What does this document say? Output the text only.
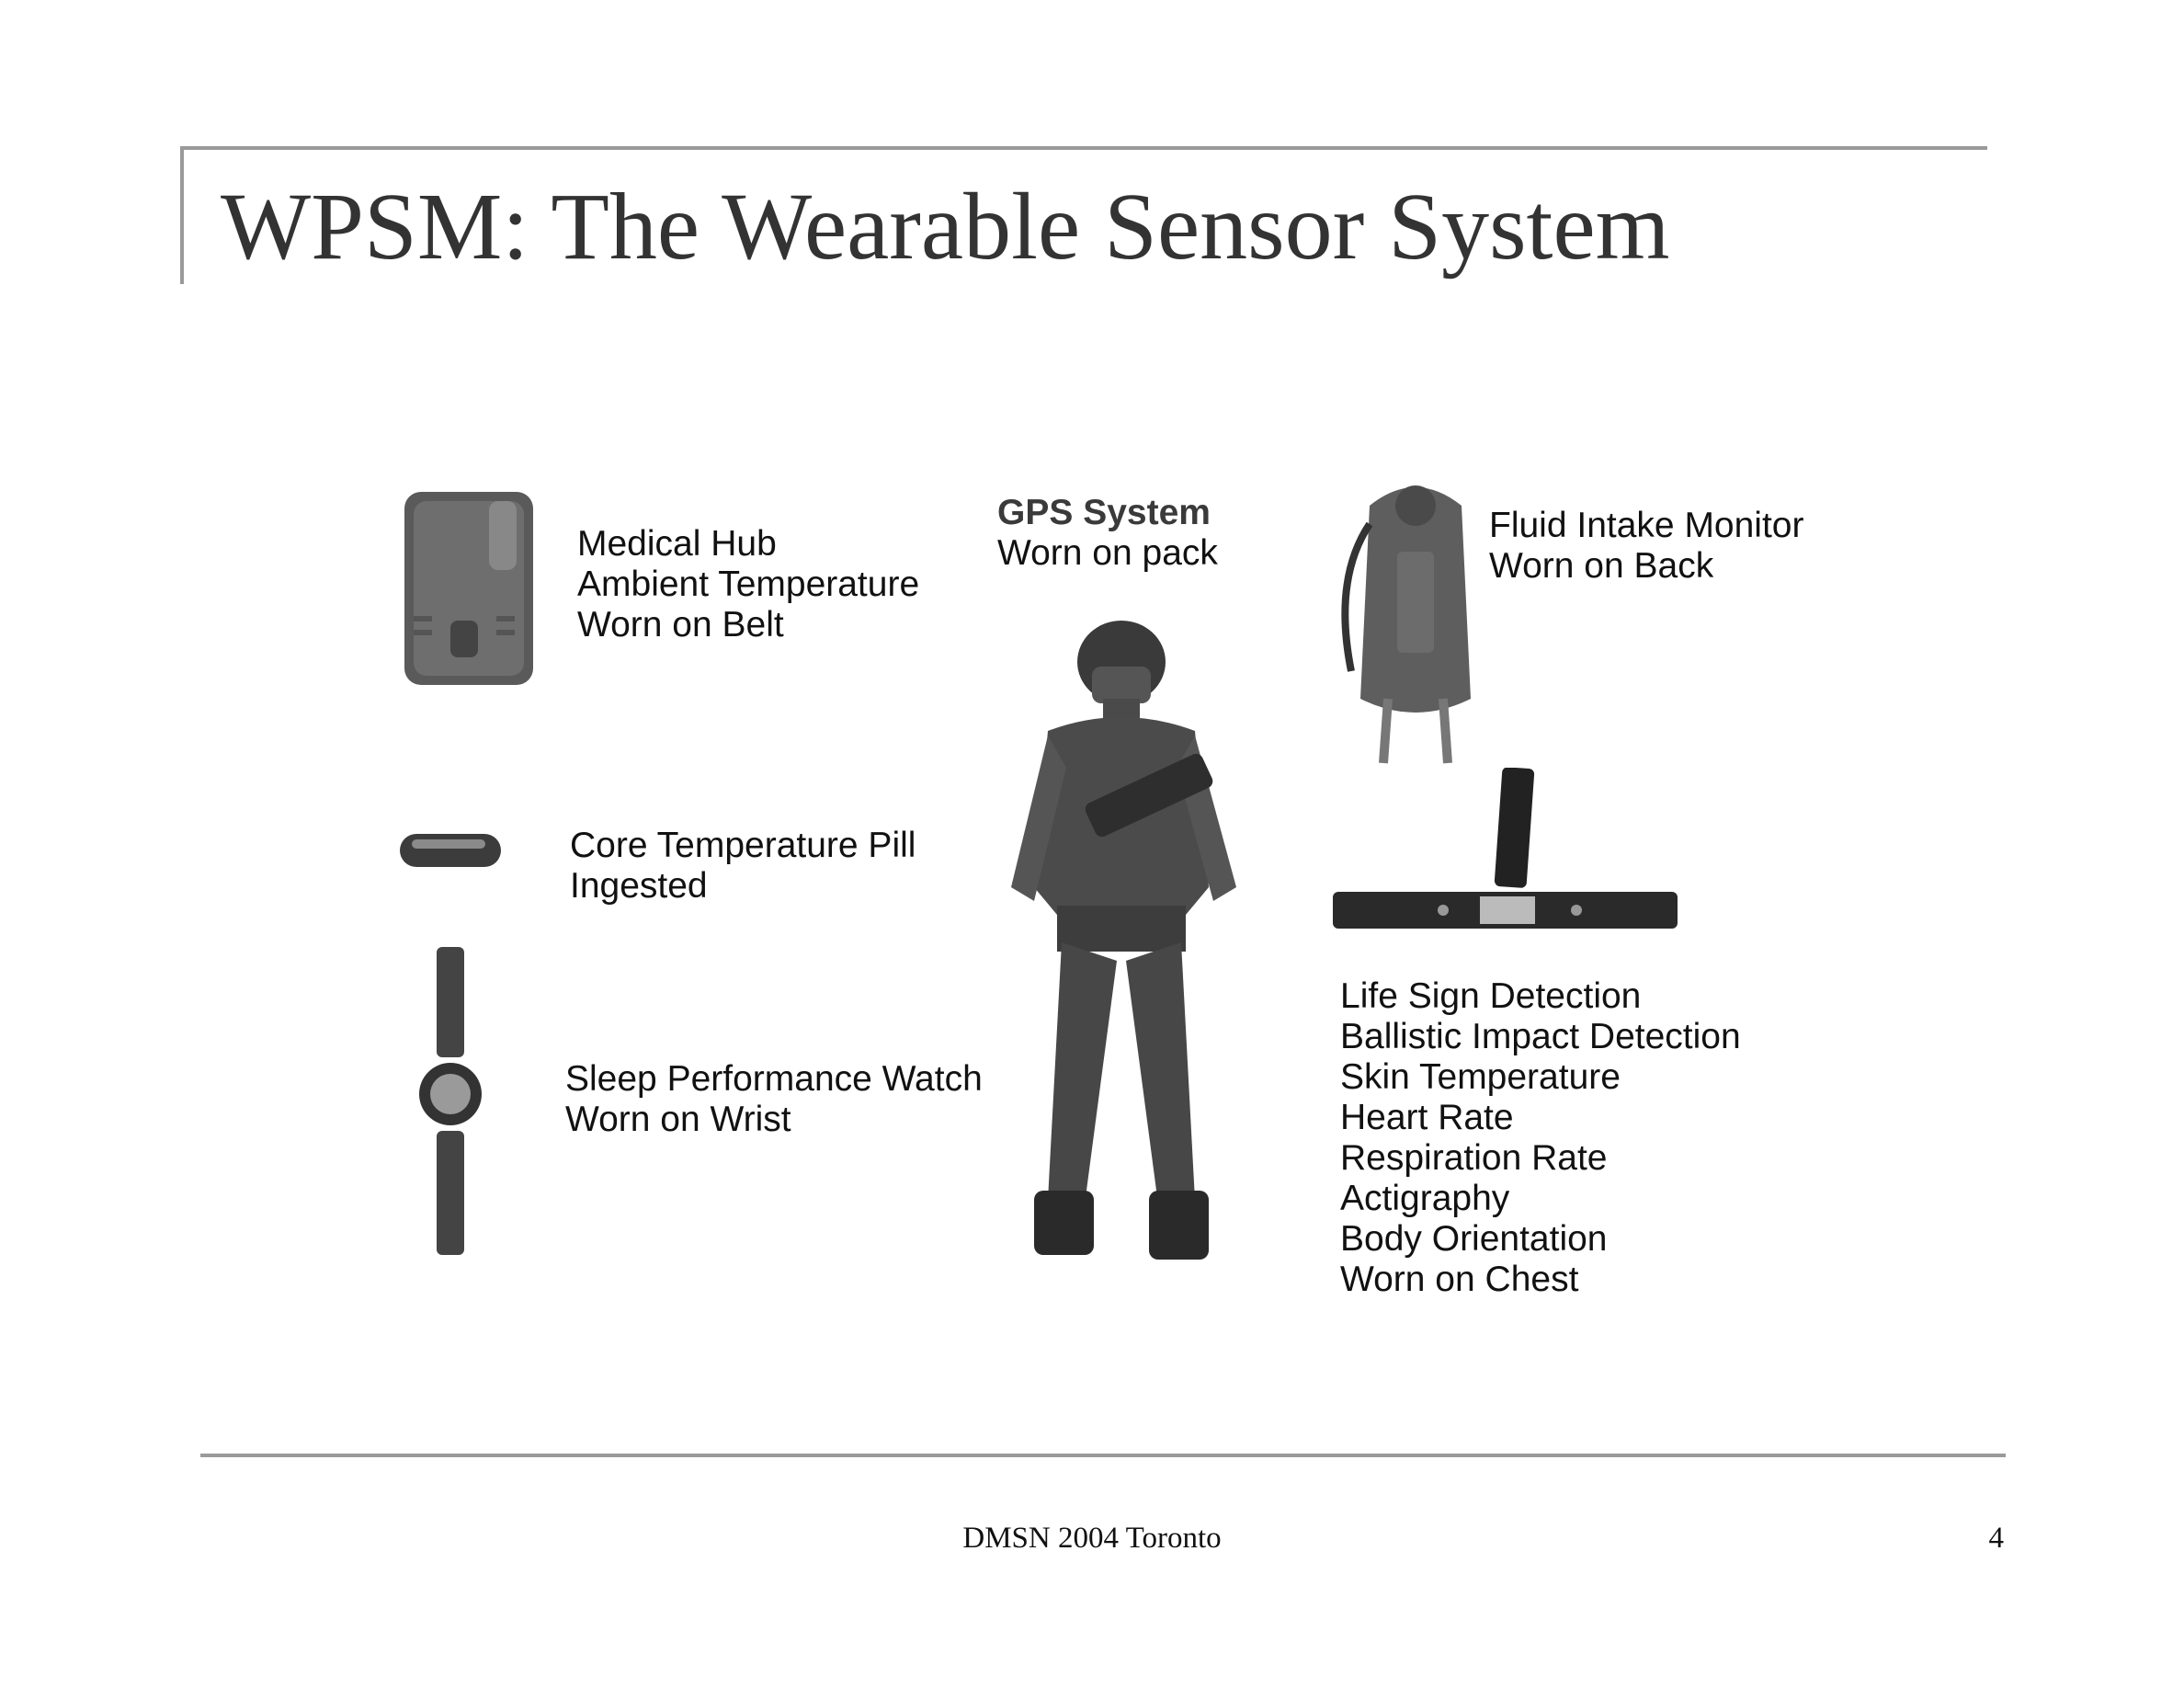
WPSM: The Wearable Sensor System
Medical Hub
Ambient Temperature
Worn on Belt
GPS System
Worn on pack
Fluid Intake Monitor
Worn on Back
Core Temperature Pill
Ingested
Sleep Performance Watch
Worn on Wrist
Life Sign Detection
Ballistic Impact Detection
Skin Temperature
Heart Rate
Respiration Rate
Actigraphy
Body Orientation
Worn on Chest
DMSN 2004 Toronto	4
